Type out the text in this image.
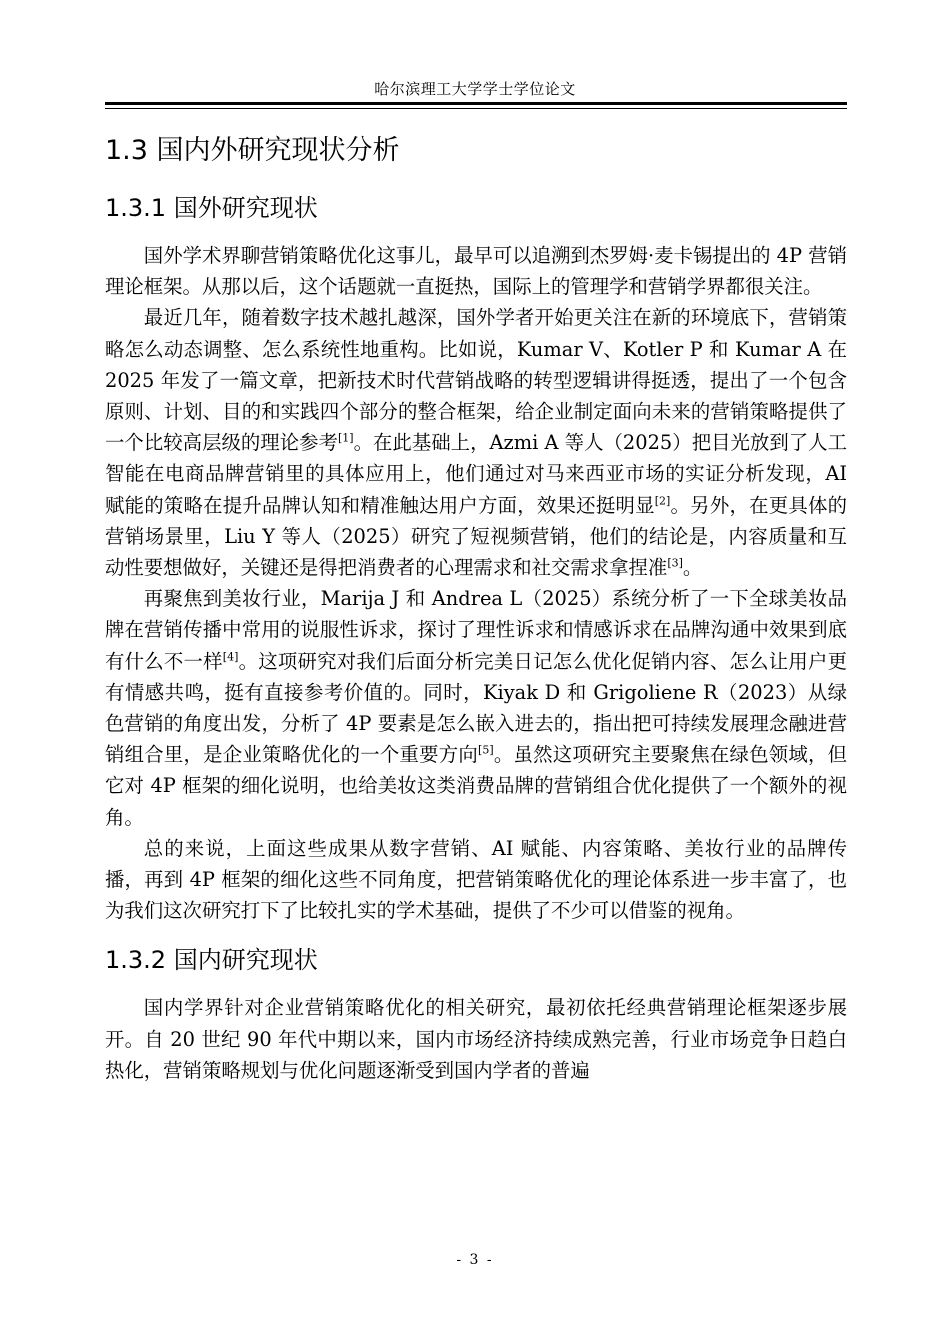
哈尔滨理工大学学士学位论文
1.3 国内外研究现状分析
1.3.1 国外研究现状

国外学术界聊营销策略优化这事儿，最早可以追溯到杰罗姆·麦卡锡提出的 4P 营销理论框架。从那以后，这个话题就一直挺热，国际上的管理学和营销学界都很关注。

最近几年，随着数字技术越扎越深，国外学者开始更关注在新的环境底下，营销策略怎么动态调整、怎么系统性地重构。比如说，Kumar V、Kotler P 和 Kumar A 在 2025 年发了一篇文章，把新技术时代营销战略的转型逻辑讲得挺透，提出了一个包含原则、计划、目的和实践四个部分的整合框架，给企业制定面向未来的营销策略提供了一个比较高层级的理论参考[1]。在此基础上，Azmi A 等人（2025）把目光放到了人工智能在电商品牌营销里的具体应用上，他们通过对马来西亚市场的实证分析发现，AI 赋能的策略在提升品牌认知和精准触达用户方面，效果还挺明显[2]。另外，在更具体的营销场景里，Liu Y 等人（2025）研究了短视频营销，他们的结论是，内容质量和互动性要想做好，关键还是得把消费者的心理需求和社交需求拿捏准[3]。

再聚焦到美妆行业，Marija J 和 Andrea L（2025）系统分析了一下全球美妆品牌在营销传播中常用的说服性诉求，探讨了理性诉求和情感诉求在品牌沟通中效果到底有什么不一样[4]。这项研究对我们后面分析完美日记怎么优化促销内容、怎么让用户更有情感共鸣，挺有直接参考价值的。同时，Kiyak D 和 Grigoliene R（2023）从绿色营销的角度出发，分析了 4P 要素是怎么嵌入进去的，指出把可持续发展理念融进营销组合里，是企业策略优化的一个重要方向[5]。虽然这项研究主要聚焦在绿色领域，但它对 4P 框架的细化说明，也给美妆这类消费品牌的营销组合优化提供了一个额外的视角。

总的来说，上面这些成果从数字营销、AI 赋能、内容策略、美妆行业的品牌传播，再到 4P 框架的细化这些不同角度，把营销策略优化的理论体系进一步丰富了，也为我们这次研究打下了比较扎实的学术基础，提供了不少可以借鉴的视角。

1.3.2 国内研究现状

国内学界针对企业营销策略优化的相关研究，最初依托经典营销理论框架逐步展开。自 20 世纪 90 年代中期以来，国内市场经济持续成熟完善，行业市场竞争日趋白热化，营销策略规划与优化问题逐渐受到国内学者的普遍

- 3 -
